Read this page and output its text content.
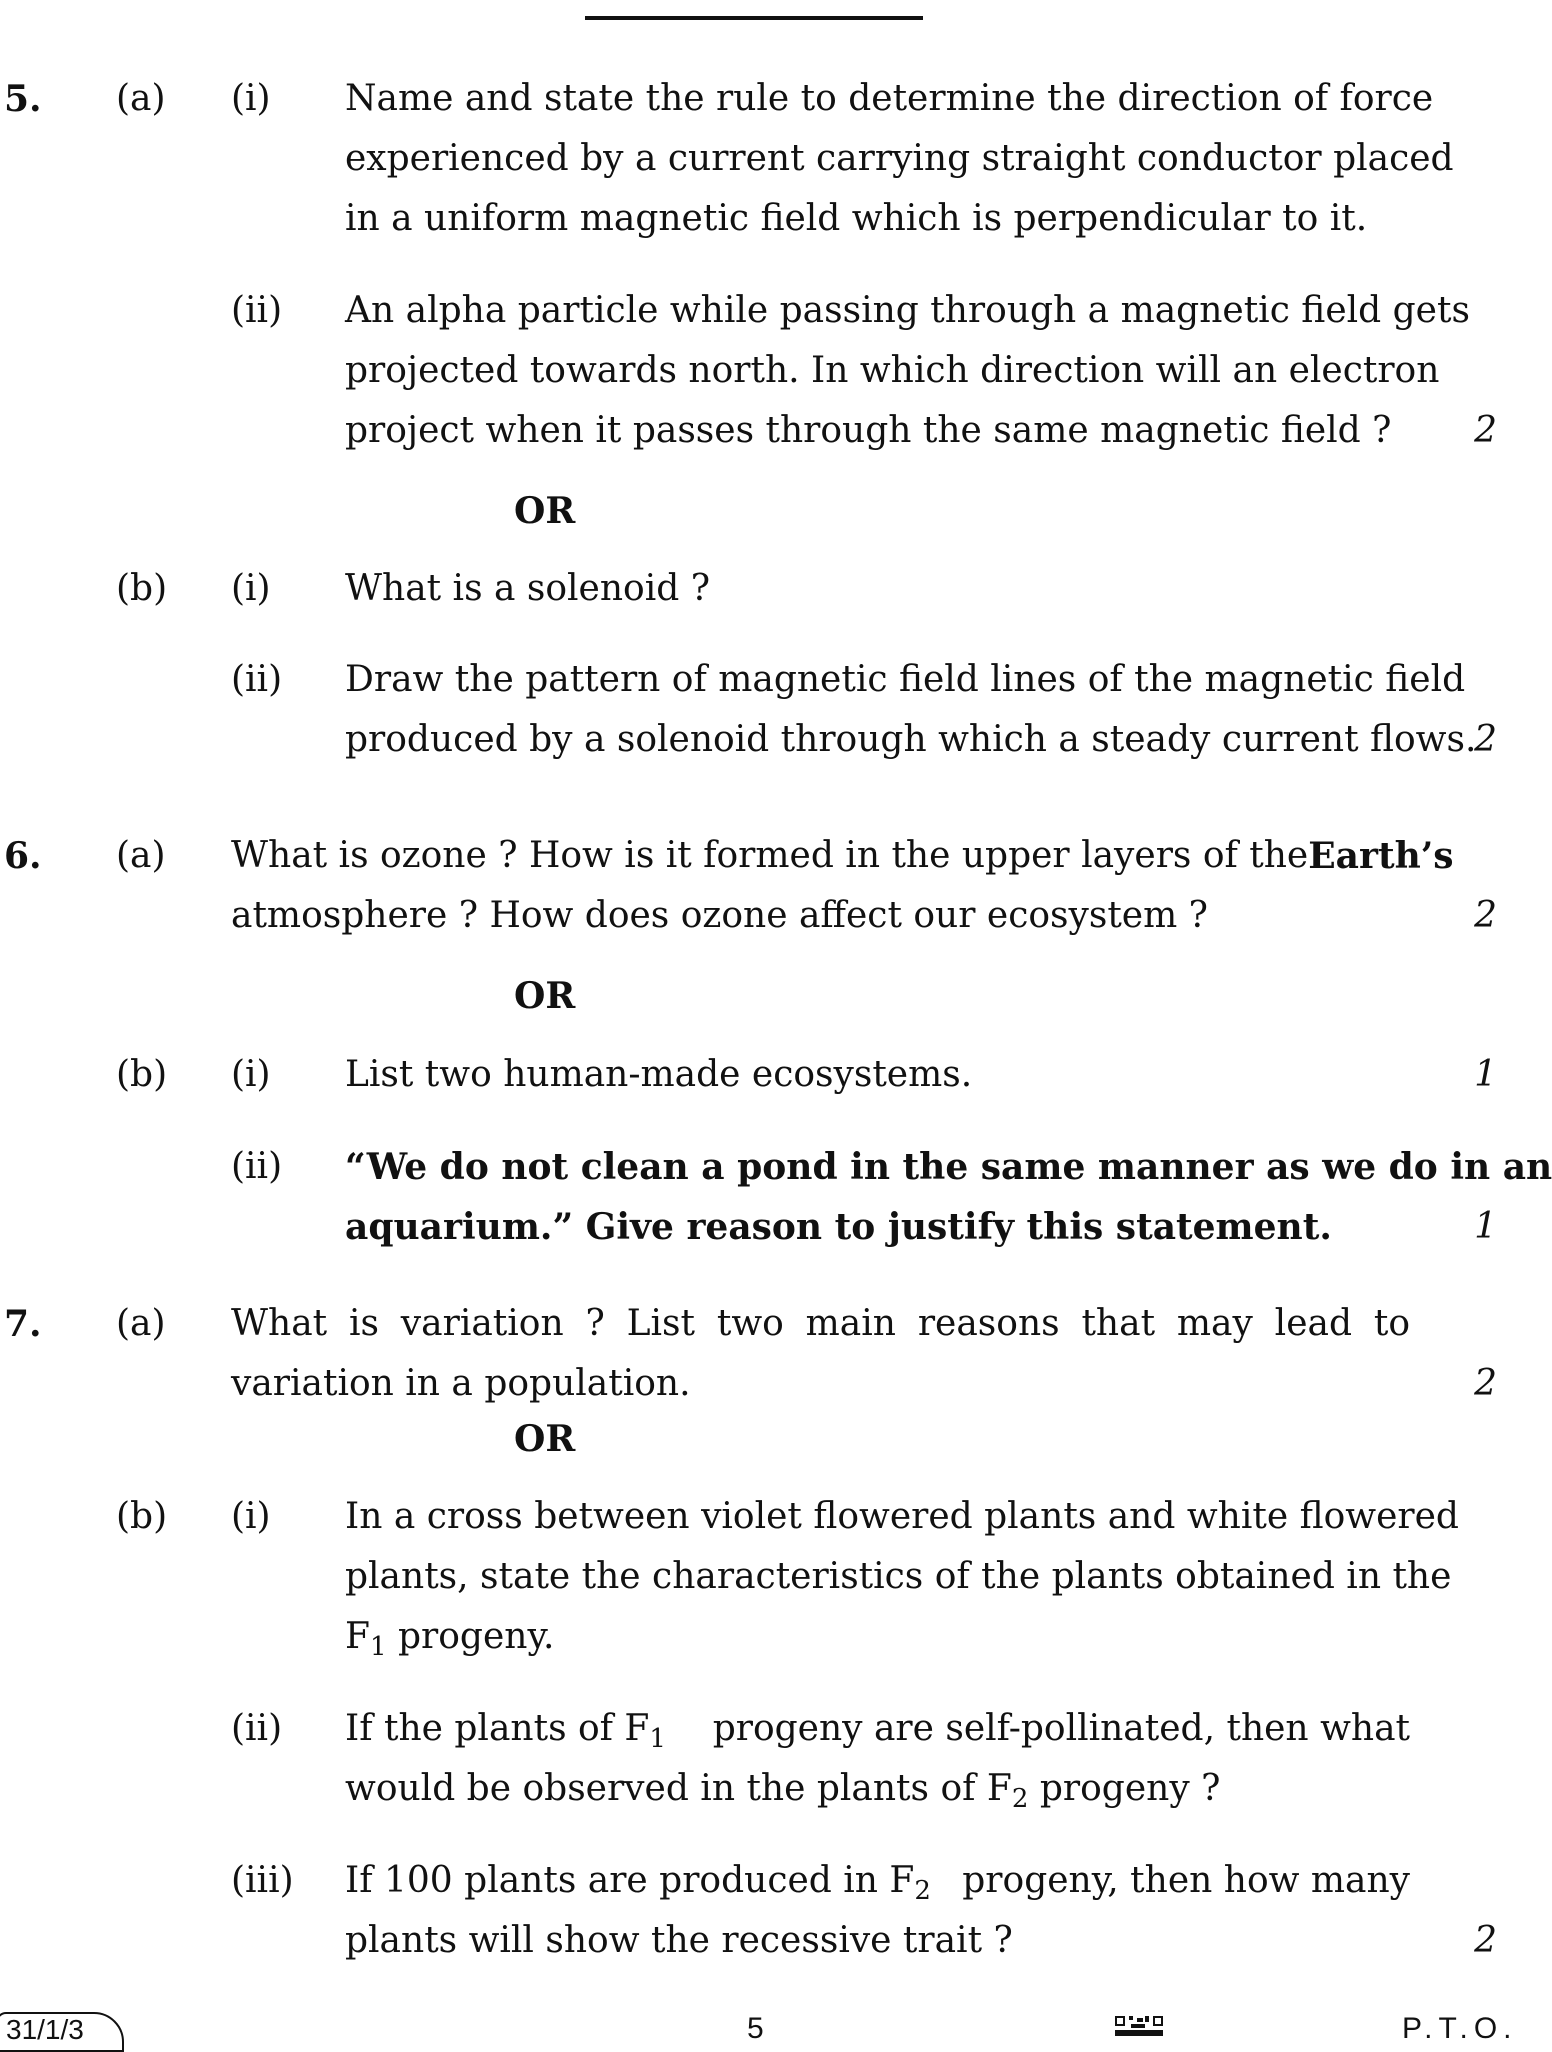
5. (a) (i) Name and state the rule to determine the direction of force
experienced by a current carrying straight conductor placed
in a uniform magnetic field which is perpendicular to it.
(ii) An alpha particle while passing through a magnetic field gets
projected towards north. In which direction will an electron
project when it passes through the same magnetic field ?	2
OR
(b) (i) What is a solenoid ?
(ii) Draw the pattern of magnetic field lines of the magnetic field
produced by a solenoid through which a steady current flows.
2
6. (a) What is ozone ? How is it formed in the upper layers of the Earth’s
atmosphere ? How does ozone affect our ecosystem ?	2
OR
(b) (i) List two human-made ecosystems.	1
(ii) “We do not clean a pond in the same manner as we do in an
aquarium.” Give reason to justify this statement.	1
7. (a) What is variation ? List two main reasons that may lead to
variation in a population.	2
OR
(b) (i) In a cross between violet flowered plants and white flowered
plants, state the characteristics of the plants obtained in the
$F_1$ progeny.
(ii) If the plants of $F_1$ progeny are self-pollinated, then what
would be observed in the plants of $F_2$ progeny ?
(iii) If 100 plants are produced in $F_2$ progeny, then how many
plants will show the recessive trait ?	2
31/1/3	5	P.T.O.
